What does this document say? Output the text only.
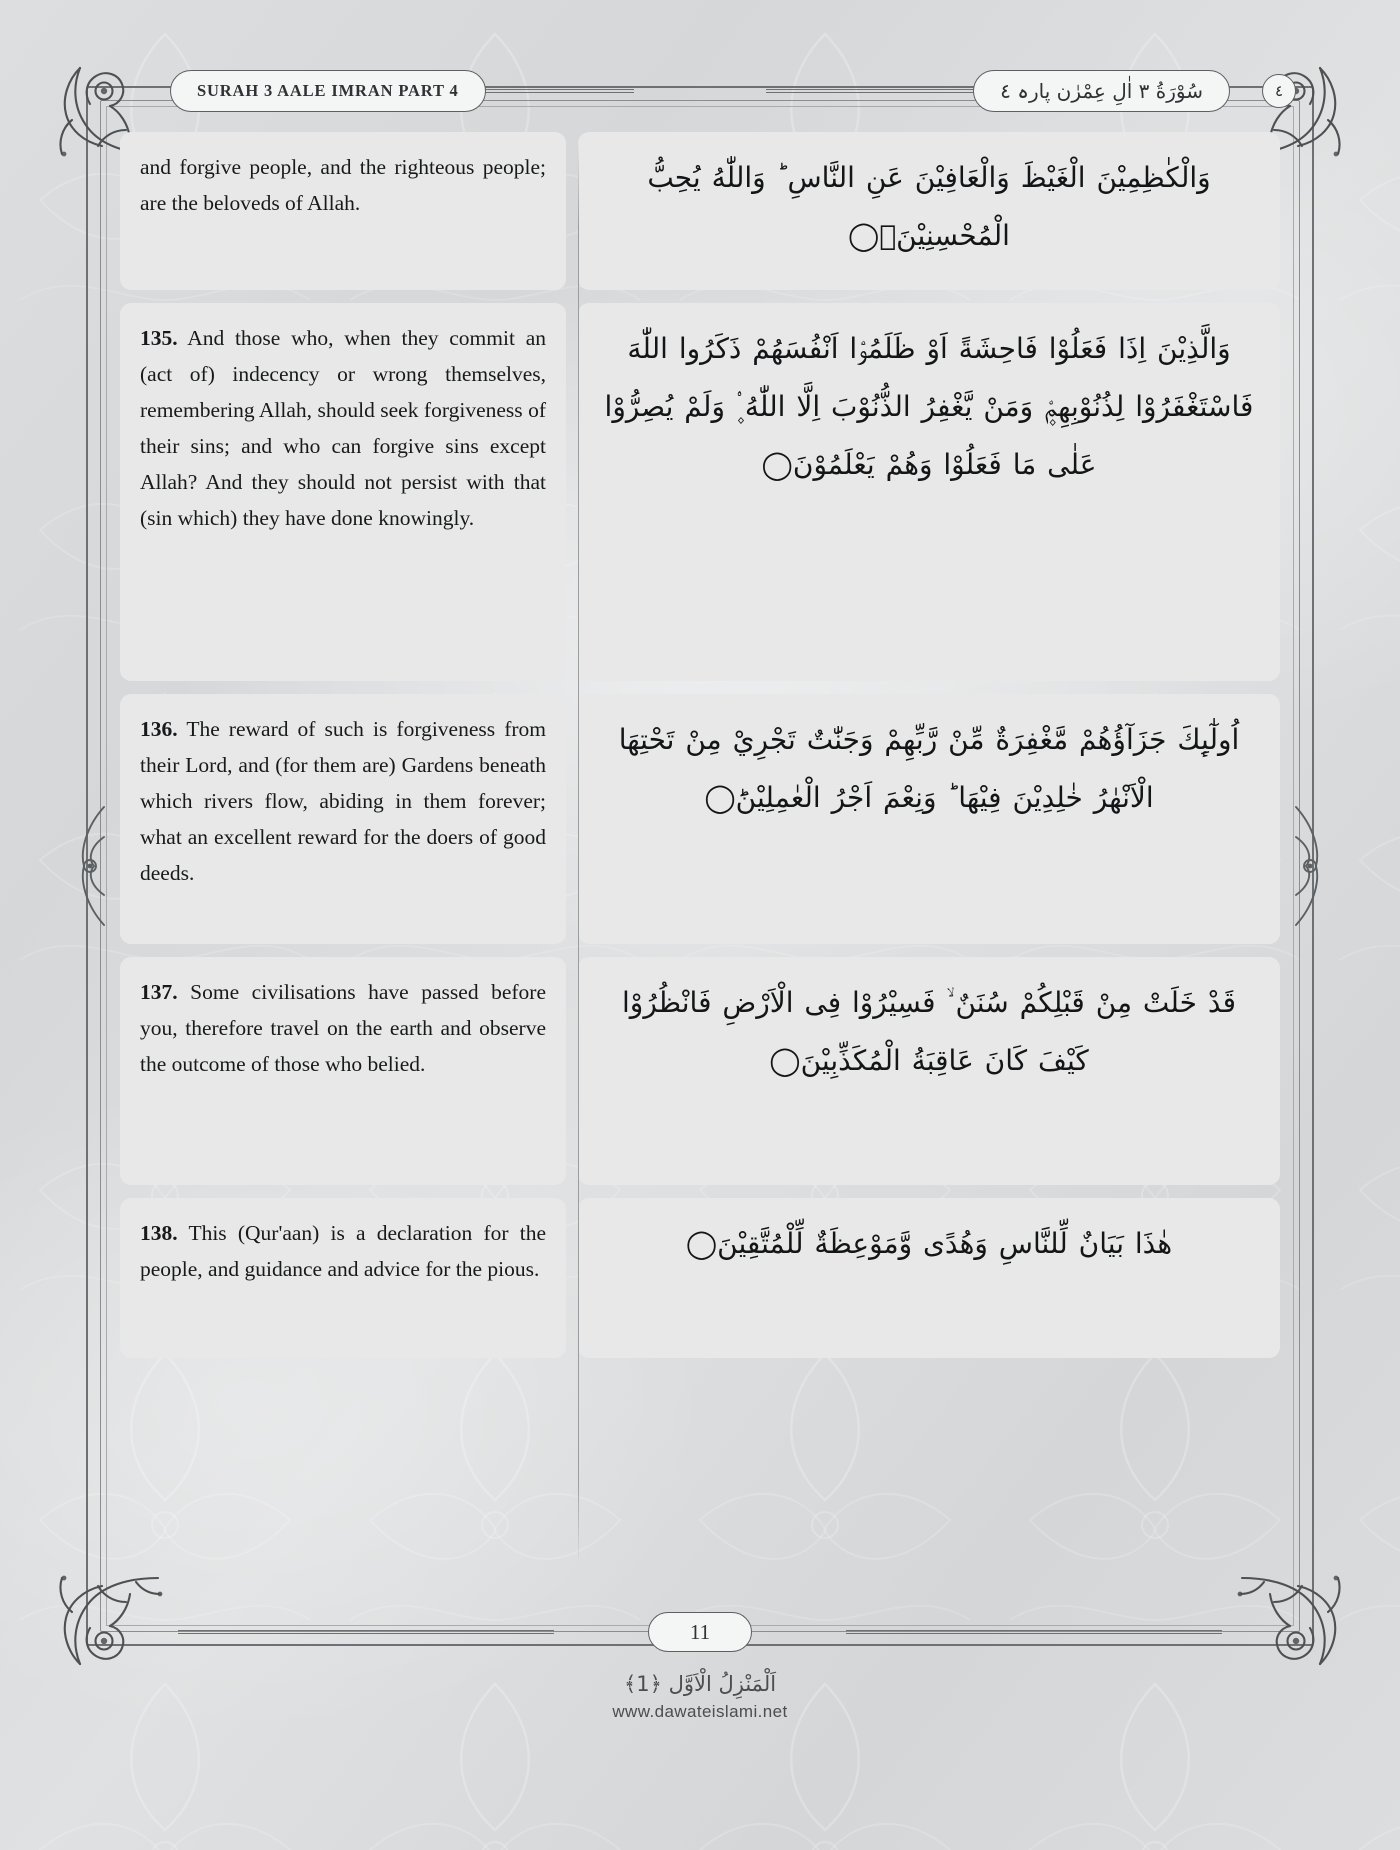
SURAH 3 AALE IMRAN PART 4	سُوْرَةُ ٣ اٰلِ عِمْرٰن پارہ ٤	٤

and forgive people, and the righteous people; are the beloveds of Allah.

135. And those who, when they commit an (act of) indecency or wrong themselves, remembering Allah, should seek forgiveness of their sins; and who can forgive sins except Allah? And they should not persist with that (sin which) they have done knowingly.

136. The reward of such is forgiveness from their Lord, and (for them are) Gardens beneath which rivers flow, abiding in them forever; what an excellent reward for the doers of good deeds.

137. Some civilisations have passed before you, therefore travel on the earth and observe the outcome of those who belied.

138. This (Qur'aan) is a declaration for the people, and guidance and advice for the pious.

وَالْكٰظِمِيْنَ الْغَيْظَ وَالْعَافِيْنَ عَنِ النَّاسِ ؕ وَاللّٰهُ يُحِبُّ الْمُحْسِنِيْنَۚ◯

وَالَّذِيْنَ اِذَا فَعَلُوْا فَاحِشَةً اَوْ ظَلَمُوْۤا اَنْفُسَهُمْ ذَكَرُوا اللّٰهَ فَاسْتَغْفَرُوْا لِذُنُوْبِهِمْ۪ وَمَنْ يَّغْفِرُ الذُّنُوْبَ اِلَّا اللّٰهُ ۪۟ وَلَمْ يُصِرُّوْا عَلٰى مَا فَعَلُوْا وَهُمْ يَعْلَمُوْنَ◯

اُولٰٓىِٕكَ جَزَآؤُهُمْ مَّغْفِرَةٌ مِّنْ رَّبِّهِمْ وَجَنّٰتٌ تَجْرِيْ مِنْ تَحْتِهَا الْاَنْهٰرُ خٰلِدِيْنَ فِيْهَا ؕ وَنِعْمَ اَجْرُ الْعٰمِلِيْنَؕ◯

قَدْ خَلَتْ مِنْ قَبْلِكُمْ سُنَنٌ ۙ فَسِيْرُوْا فِى الْاَرْضِ فَانْظُرُوْا كَيْفَ كَانَ عَاقِبَةُ الْمُكَذِّبِيْنَ◯

هٰذَا بَيَانٌ لِّلنَّاسِ وَهُدًى وَّمَوْعِظَةٌ لِّلْمُتَّقِيْنَ◯

11
اَلْمَنْزِلُ الْاَوَّل ﴿1﴾
www.dawateislami.net
